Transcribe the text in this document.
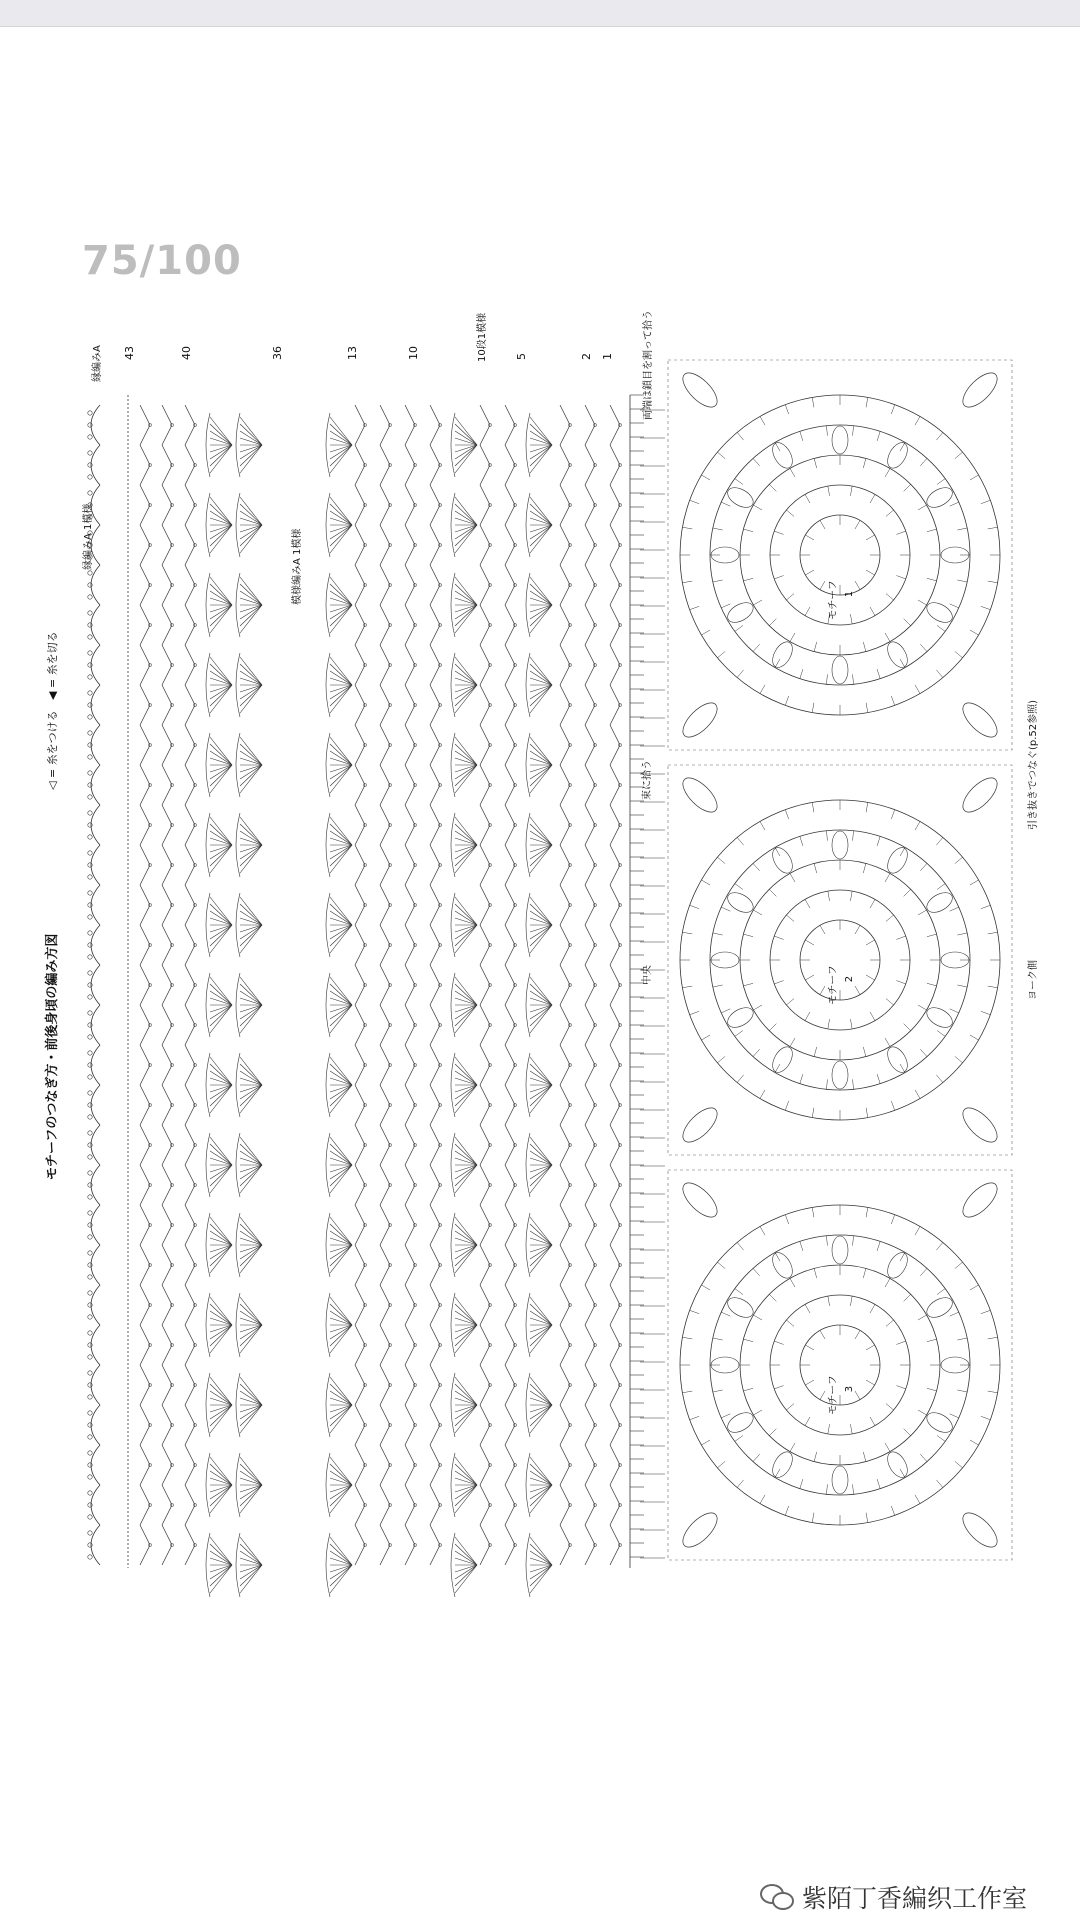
75/100
モチーフのつなぎ方・前後身頃の編み方図
◁ = 糸をつける
◀ = 糸を切る
縁編みA
縁編みA 1模様	模様編みA 1模様
10段1模様
43	40	36	13	10	5	2 1	両端は鎖目を割って拾う
束に拾う
中央
引き抜きでつなぐ(p.52参照)
ヨーク側
モチーフ 1
モチーフ 2
モチーフ 3
紫陌丁香編织工作室
